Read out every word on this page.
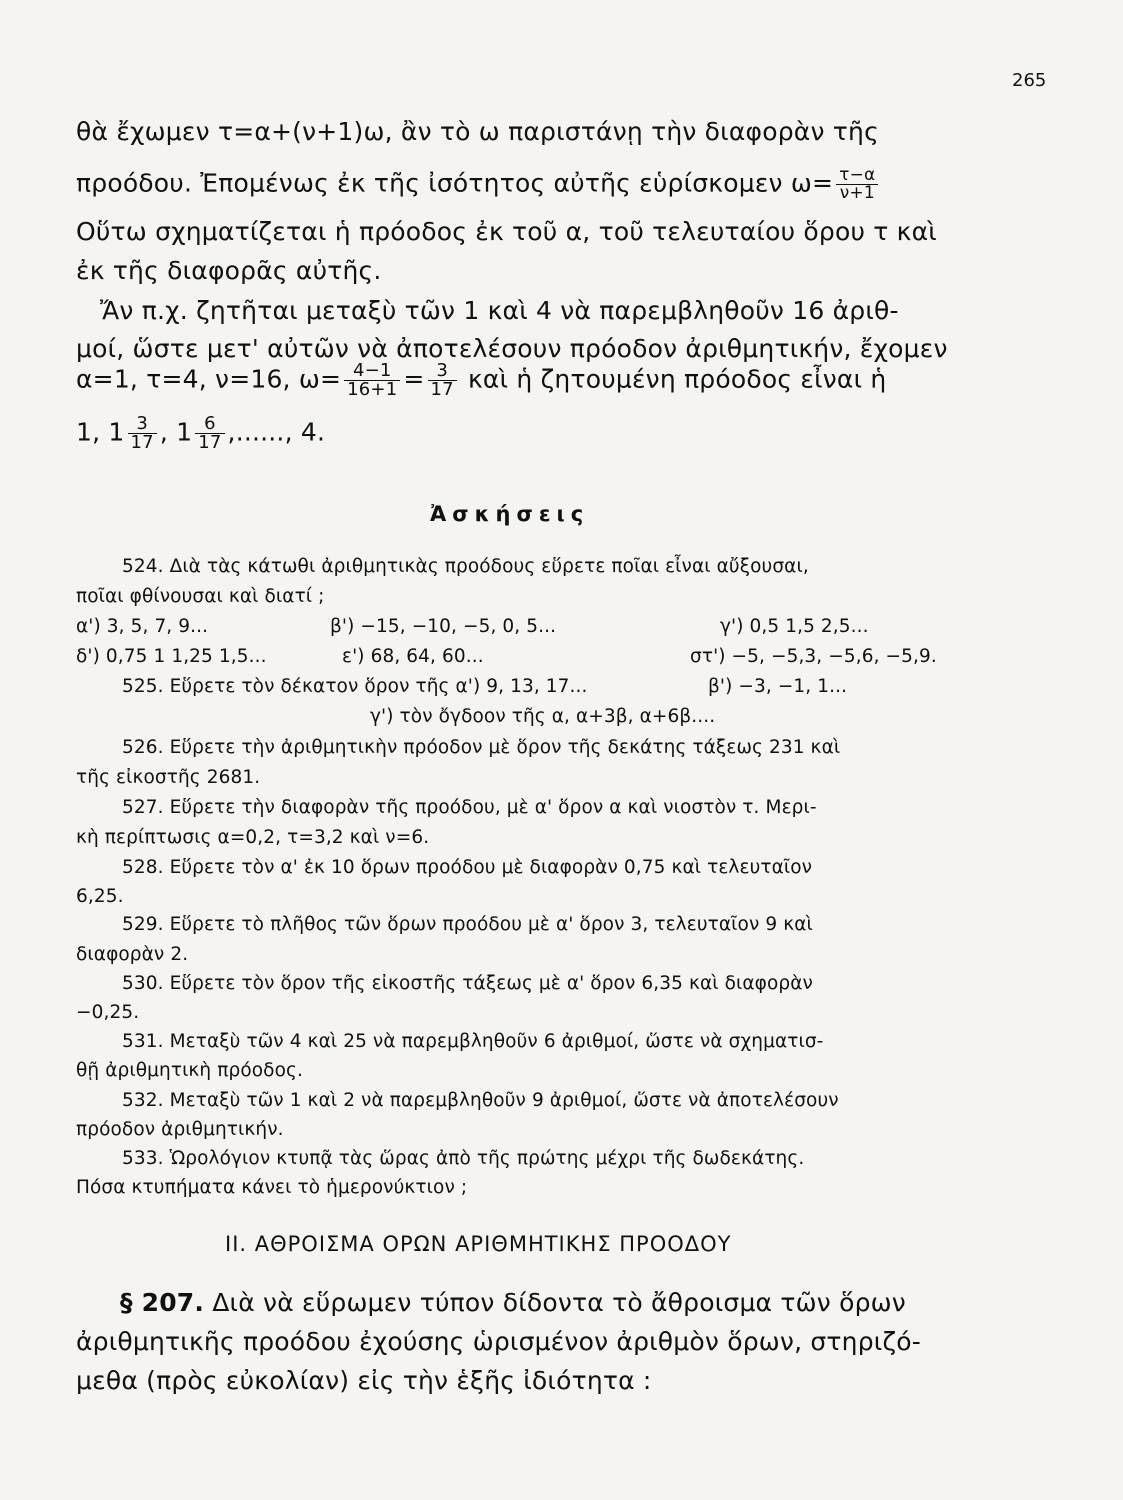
265
θὰ ἔχωμεν τ=α+(ν+1)ω, ἂν τὸ ω παριστάνῃ τὴν διαφορὰν τῆς
προόδου. Ἐπομένως ἐκ τῆς ἰσότητος αὐτῆς εὑρίσκομεν $\omega= \frac{\tau-\alpha}{\nu+1}$
Οὕτω σχηματίζεται ἡ πρόοδος ἐκ τοῦ α, τοῦ τελευταίου ὅρου τ καὶ
ἐκ τῆς διαφορᾶς αὐτῆς.
Ἄν π.χ. ζητῆται μεταξὺ τῶν 1 καὶ 4 νὰ παρεμβληθοῦν 16 ἀριθ-
μοί, ὥστε μετ' αὐτῶν νὰ ἀποτελέσουν πρόοδον ἀριθμητικήν, ἔχομεν
α=1, τ=4, ν=16, $\omega= \frac{4-1}{16+1} = \frac{3}{17}$ καὶ ἡ ζητουμένη πρόοδος εἶναι ἡ
1, $1 \frac{3}{17}$ , $1 \frac{6}{17}$ ,......, 4.
Ἀσκήσεις
524. Διὰ τὰς κάτωθι ἀριθμητικὰς προόδους εὕρετε ποῖαι εἶναι αὔξουσαι,
ποῖαι φθίνουσαι καὶ διατί ;
α') 3, 5, 7, 9...	β') −15, −10, −5, 0, 5...	γ') 0,5 1,5 2,5...
δ') 0,75 1 1,25 1,5...	ε') 68, 64, 60...	στ') −5, −5,3, −5,6, −5,9.
525. Εὕρετε τὸν δέκατον ὅρον τῆς α') 9, 13, 17...	β') −3, −1, 1...
γ') τὸν ὄγδοον τῆς α, α+3β, α+6β....
526. Εὕρετε τὴν ἀριθμητικὴν πρόοδον μὲ ὅρον τῆς δεκάτης τάξεως 231 καὶ
τῆς εἰκοστῆς 2681.
527. Εὕρετε τὴν διαφορὰν τῆς προόδου, μὲ α' ὅρον α καὶ νιοστὸν τ. Μερι-
κὴ περίπτωσις α=0,2, τ=3,2 καὶ ν=6.
528. Εὕρετε τὸν α' ἐκ 10 ὅρων προόδου μὲ διαφορὰν 0,75 καὶ τελευταῖον
6,25.
529. Εὕρετε τὸ πλῆθος τῶν ὅρων προόδου μὲ α' ὅρον 3, τελευταῖον 9 καὶ
διαφορὰν 2.
530. Εὕρετε τὸν ὅρον τῆς εἰκοστῆς τάξεως μὲ α' ὅρον 6,35 καὶ διαφορὰν
−0,25.
531. Μεταξὺ τῶν 4 καὶ 25 νὰ παρεμβληθοῦν 6 ἀριθμοί, ὥστε νὰ σχηματισ-
θῇ ἀριθμητικὴ πρόοδος.
532. Μεταξὺ τῶν 1 καὶ 2 νὰ παρεμβληθοῦν 9 ἀριθμοί, ὥστε νὰ ἀποτελέσουν
πρόοδον ἀριθμητικήν.
533. Ὡρολόγιον κτυπᾷ τὰς ὥρας ἀπὸ τῆς πρώτης μέχρι τῆς δωδεκάτης.
Πόσα κτυπήματα κάνει τὸ ἡμερονύκτιον ;
ΙΙ. ΑΘΡΟΙΣΜΑ ΟΡΩΝ ΑΡΙΘΜΗΤΙΚΗΣ ΠΡΟΟΔΟΥ
§ 207. Διὰ νὰ εὕρωμεν τύπον δίδοντα τὸ ἄθροισμα τῶν ὅρων
ἀριθμητικῆς προόδου ἐχούσης ὡρισμένον ἀριθμὸν ὅρων, στηριζό-
μεθα (πρὸς εὐκολίαν) εἰς τὴν ἑξῆς ἰδιότητα :
